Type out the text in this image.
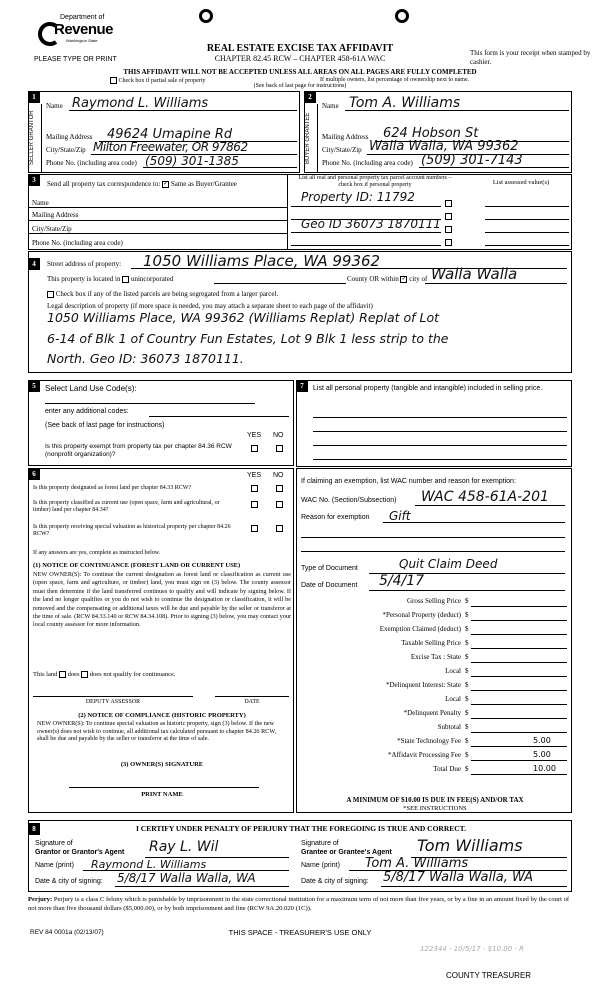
Department of
Revenue
Washington State
PLEASE TYPE OR PRINT
REAL ESTATE EXCISE TAX AFFIDAVIT
CHAPTER 82.45 RCW – CHAPTER 458-61A WAC
This form is your receipt when stamped by cashier.
THIS AFFIDAVIT WILL NOT BE ACCEPTED UNLESS ALL AREAS ON ALL PAGES ARE FULLY COMPLETED
Check box if partial sale of property	If multiple owners, list percentage of ownership next to name.
(See back of last page for instructions)
1
SELLER GRANTOR
Name Raymond L. Williams
Mailing Address 49624 Umapine Rd
City/State/Zip Milton Freewater, OR 97862
Phone No. (including area code) (509) 301-1385
2
BUYER GRANTEE
Name Tom A. Williams
Mailing Address 624 Hobson St
City/State/Zip Walla Walla, WA 99362
Phone No. (including area code) (509) 301-7143
3	Send all property tax correspondence to: ✓ Same as Buyer/Grantee
Name
Mailing Address
City/State/Zip
Phone No. (including area code)
List all real and personal property tax parcel account numbers – check box if personal property	List assessed value(s)
Property ID: 11792
Geo ID 36073 1870111
4	Street address of property: 1050 Williams Place, WA 99362
This property is located in unincorporated	County OR within ✓ city of Walla Walla
Check box if any of the listed parcels are being segregated from a larger parcel.
Legal description of property (if more space is needed, you may attach a separate sheet to each page of the affidavit)
1050 Williams Place, WA 99362 (Williams Replat) Replat of Lot
6-14 of Blk 1 of Country Fun Estates, Lot 9 Blk 1 less strip to the
North. Geo ID: 36073 1870111.
5	Select Land Use Code(s):
enter any additional codes:
(See back of last page for instructions)
YES NO
Is this property exempt from property tax per chapter 84.36 RCW (nonprofit organization)?
6	YES NO
Is this property designated as forest land per chapter 84.33 RCW?
Is this property classified as current use (open space, farm and agricultural, or timber) land per chapter 84.34?
Is this property receiving special valuation as historical property per chapter 84.26 RCW?
If any answers are yes, complete as instructed below.
(1) NOTICE OF CONTINUANCE (FOREST LAND OR CURRENT USE)
NEW OWNER(S): To continue the current designation as forest land or classification as current use (open space, farm and agriculture, or timber) land, you must sign on (3) below. The county assessor must then determine if the land transferred continues to qualify and will indicate by signing below. If the land no longer qualifies or you do not wish to continue the designation or classification, it will be removed and the compensating or additional taxes will be due and payable by the seller or transferor at the time of sale. (RCW 84.33.140 or RCW 84.34.108). Prior to signing (3) below, you may contact your local county assessor for more information.
This land does does not qualify for continuance.
DEPUTY ASSESSOR	DATE
(2) NOTICE OF COMPLIANCE (HISTORIC PROPERTY)
NEW OWNER(S): To continue special valuation as historic property, sign (3) below. If the new owner(s) does not wish to continue, all additional tax calculated pursuant to chapter 84.26 RCW, shall be due and payable by the seller or transferor at the time of sale.
(3) OWNER(S) SIGNATURE
PRINT NAME
7	List all personal property (tangible and intangible) included in selling price.
If claiming an exemption, list WAC number and reason for exemption:
WAC No. (Section/Subsection) WAC 458-61A-201
Reason for exemption Gift
Type of Document	Quit Claim Deed
Date of Document 5/4/17
Gross Selling Price $
*Personal Property (deduct) $
Exemption Claimed (deduct) $
Taxable Selling Price $
Excise Tax : State $
Local $
*Delinquent Interest: State $
Local $
*Delinquent Penalty $
Subtotal $
*State Technology Fee $	5.00
*Affidavit Processing Fee $	5.00
Total Due $	10.00
A MINIMUM OF $10.00 IS DUE IN FEE(S) AND/OR TAX
*SEE INSTRUCTIONS
8	I CERTIFY UNDER PENALTY OF PERJURY THAT THE FOREGOING IS TRUE AND CORRECT.
Signature of
Grantor or Grantor's Agent Ray L. Wil
Name (print) Raymond L. Williams
Date & city of signing: 5/8/17 Walla Walla, WA
Signature of
Grantee or Grantee's Agent Tom Williams
Name (print) Tom A. Williams
Date & city of signing: 5/8/17 Walla Walla, WA
Perjury: Perjury is a class C felony which is punishable by imprisonment in the state correctional institution for a maximum term of not more than five years, or by a fine in an amount fixed by the court of not more than five thousand dollars ($5,000.00), or by both imprisonment and fine (RCW 9A.20.020 (1C)).
REV 84 0001a (02/13/07)	THIS SPACE - TREASURER'S USE ONLY
122344 - 10/5/17 - $10.00 - R
COUNTY TREASURER
